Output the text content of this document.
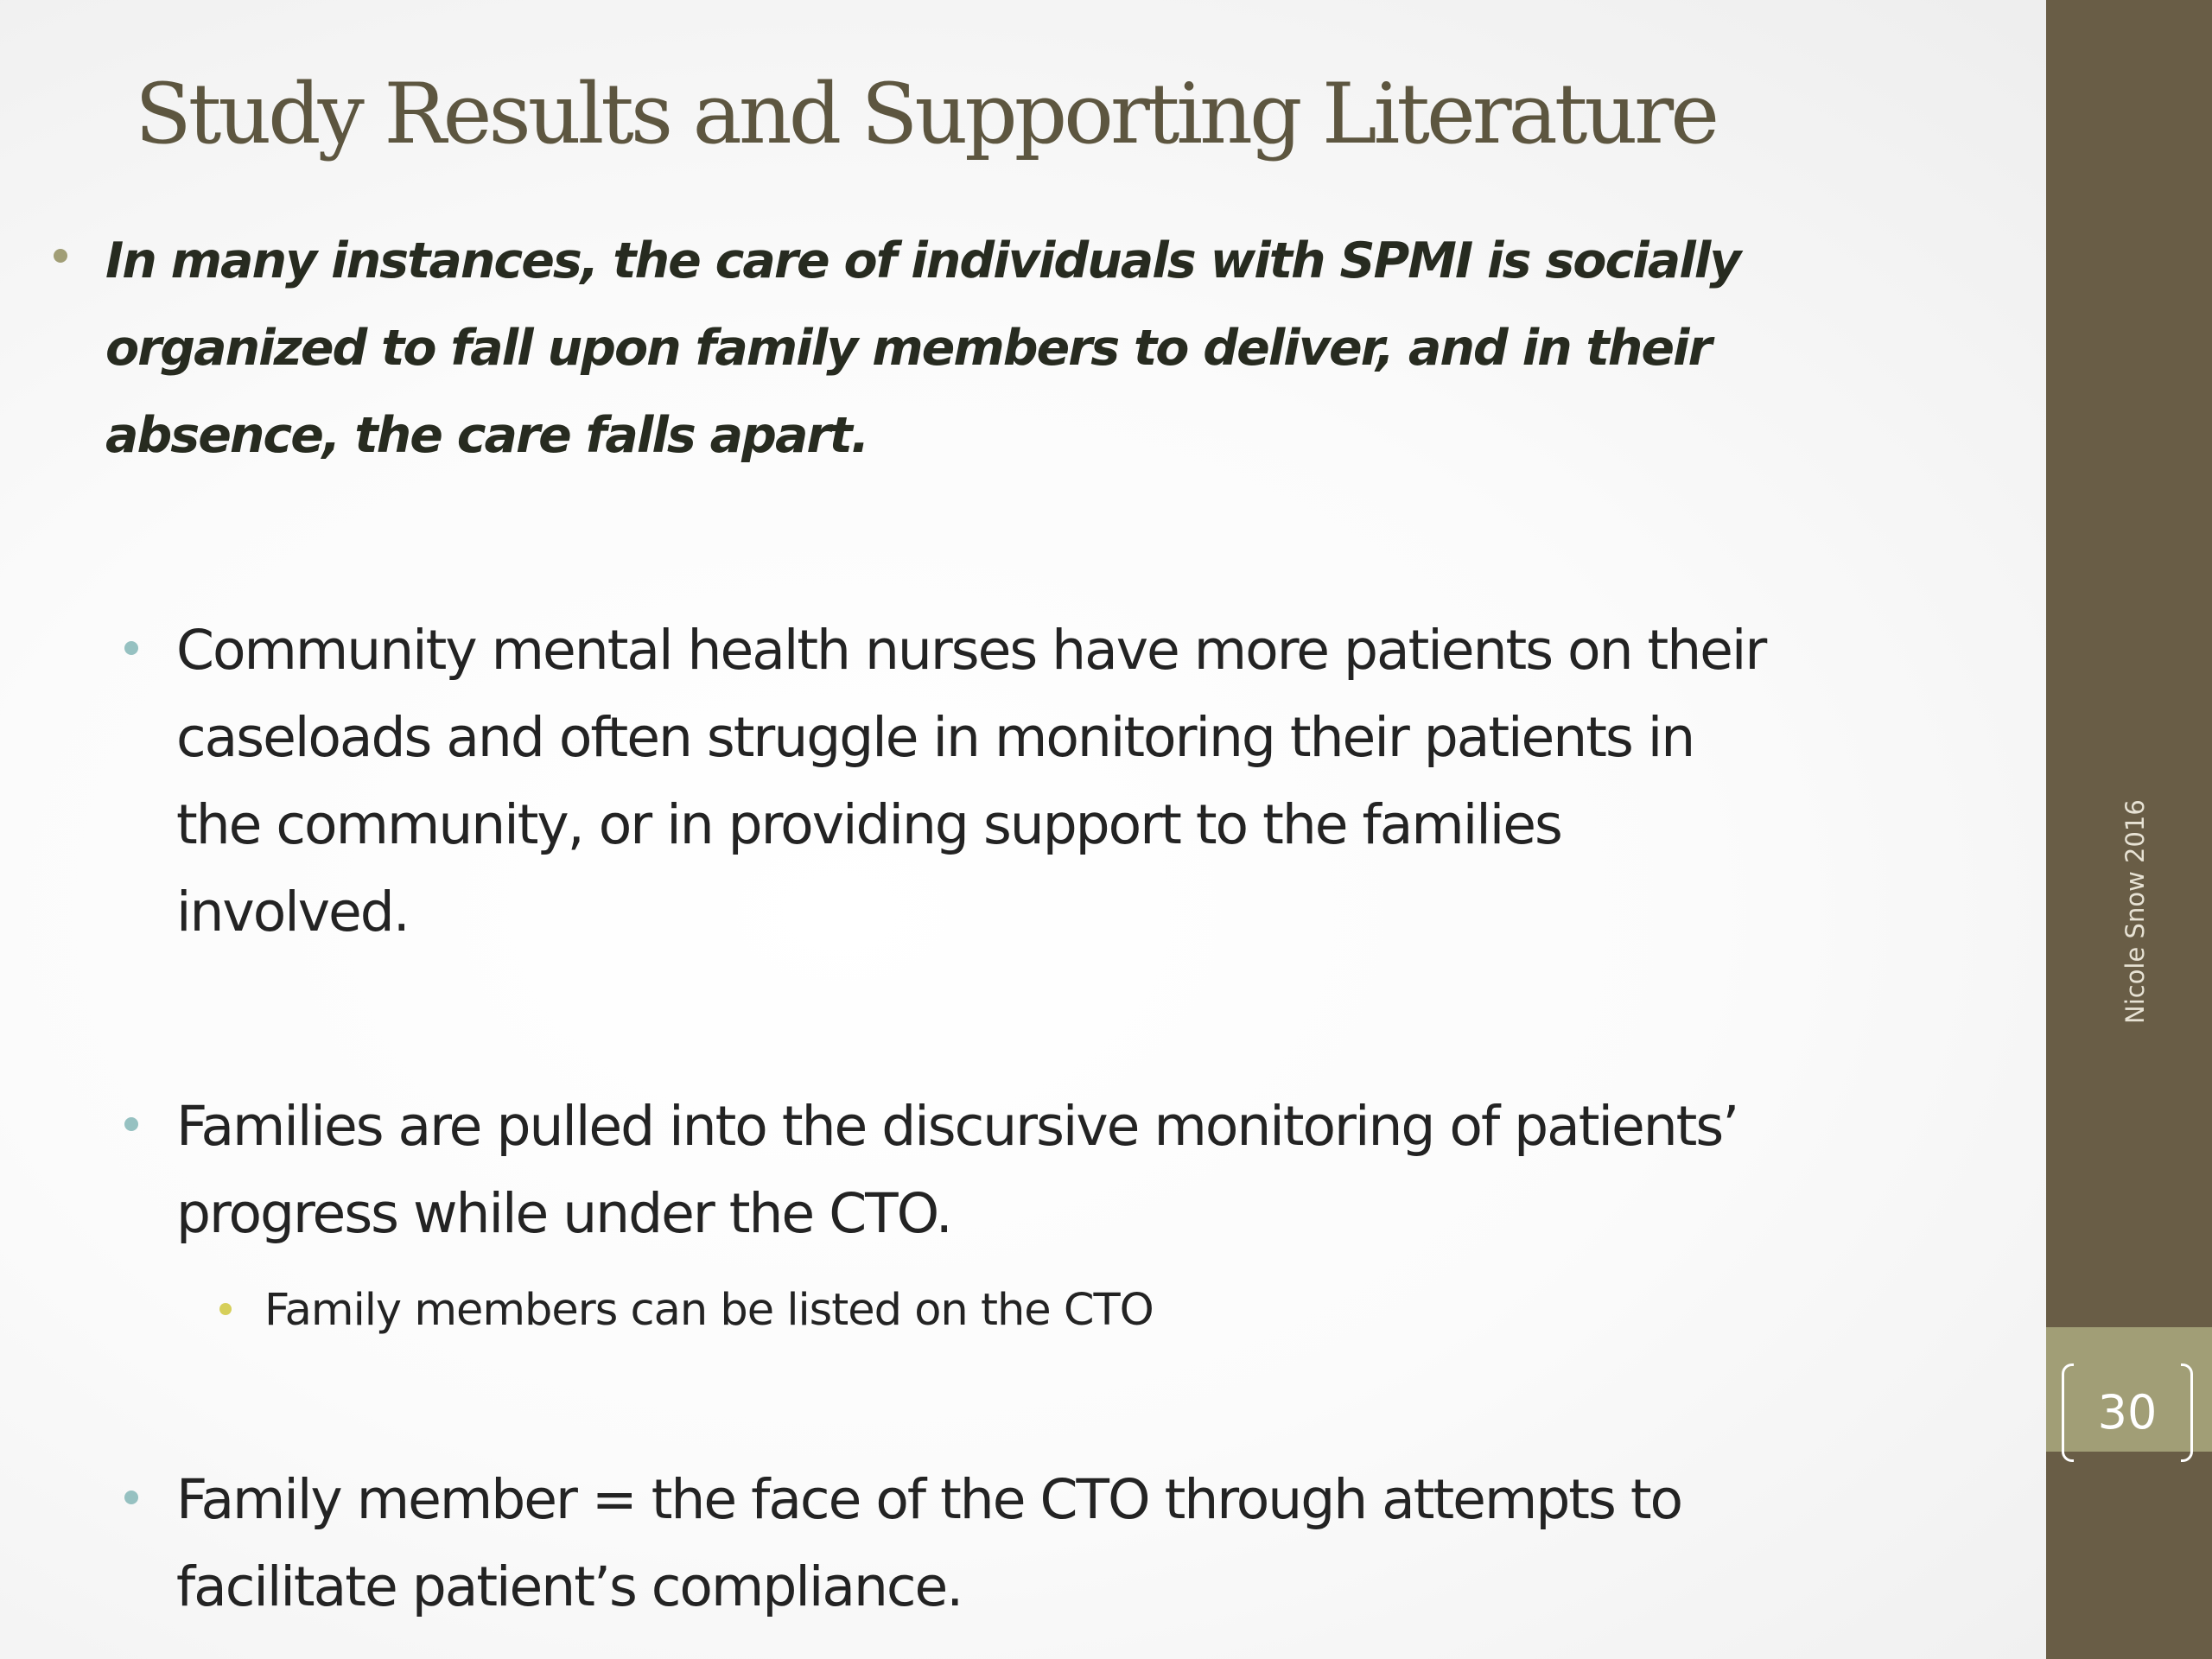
30
Nicole Snow 2016
Study Results and Supporting Literature
In many instances, the care of individuals with SPMI is socially
organized to fall upon family members to deliver, and in their
absence, the care falls apart.
Community mental health nurses have more patients on their
caseloads and often struggle in monitoring their patients in
the community, or in providing support to the families
involved.
Families are pulled into the discursive monitoring of patients’
progress while under the CTO.
Family members can be listed on the CTO
Family member = the face of the CTO through attempts to
facilitate patient’s compliance.
